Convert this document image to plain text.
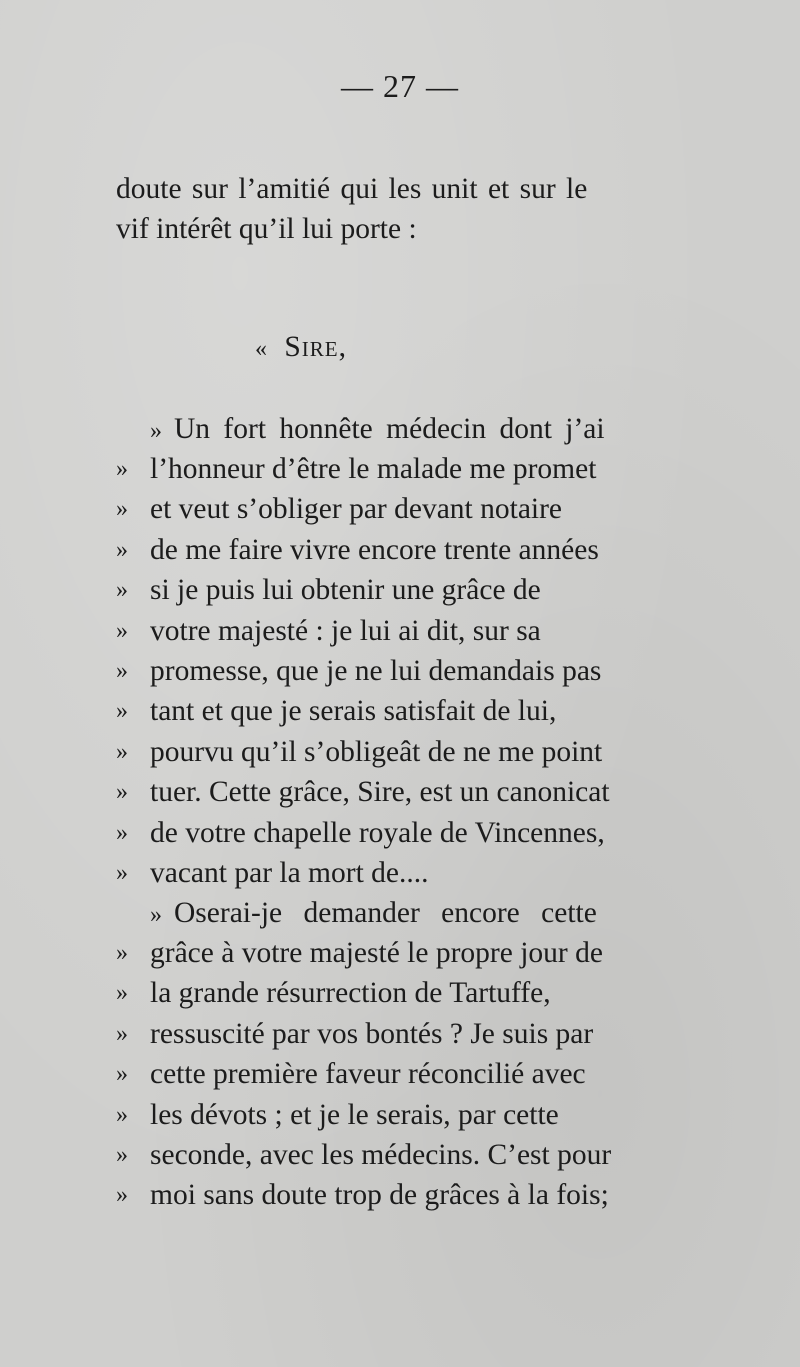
— 27 —
doute sur l’amitié qui les unit et sur le
vif intérêt qu’il lui porte :
« Sire,
» Un fort honnête médecin dont j’ai
» l’honneur d’être le malade me promet
» et veut s’obliger par devant notaire
» de me faire vivre encore trente années
» si je puis lui obtenir une grâce de
» votre majesté : je lui ai dit, sur sa
» promesse, que je ne lui demandais pas
» tant et que je serais satisfait de lui,
» pourvu qu’il s’obligeât de ne me point
» tuer. Cette grâce, Sire, est un canonicat
» de votre chapelle royale de Vincennes,
» vacant par la mort de....
» Oserai-je demander encore cette
» grâce à votre majesté le propre jour de
» la grande résurrection de Tartuffe,
» ressuscité par vos bontés ? Je suis par
» cette première faveur réconcilié avec
» les dévots ; et je le serais, par cette
» seconde, avec les médecins. C’est pour
» moi sans doute trop de grâces à la fois;
